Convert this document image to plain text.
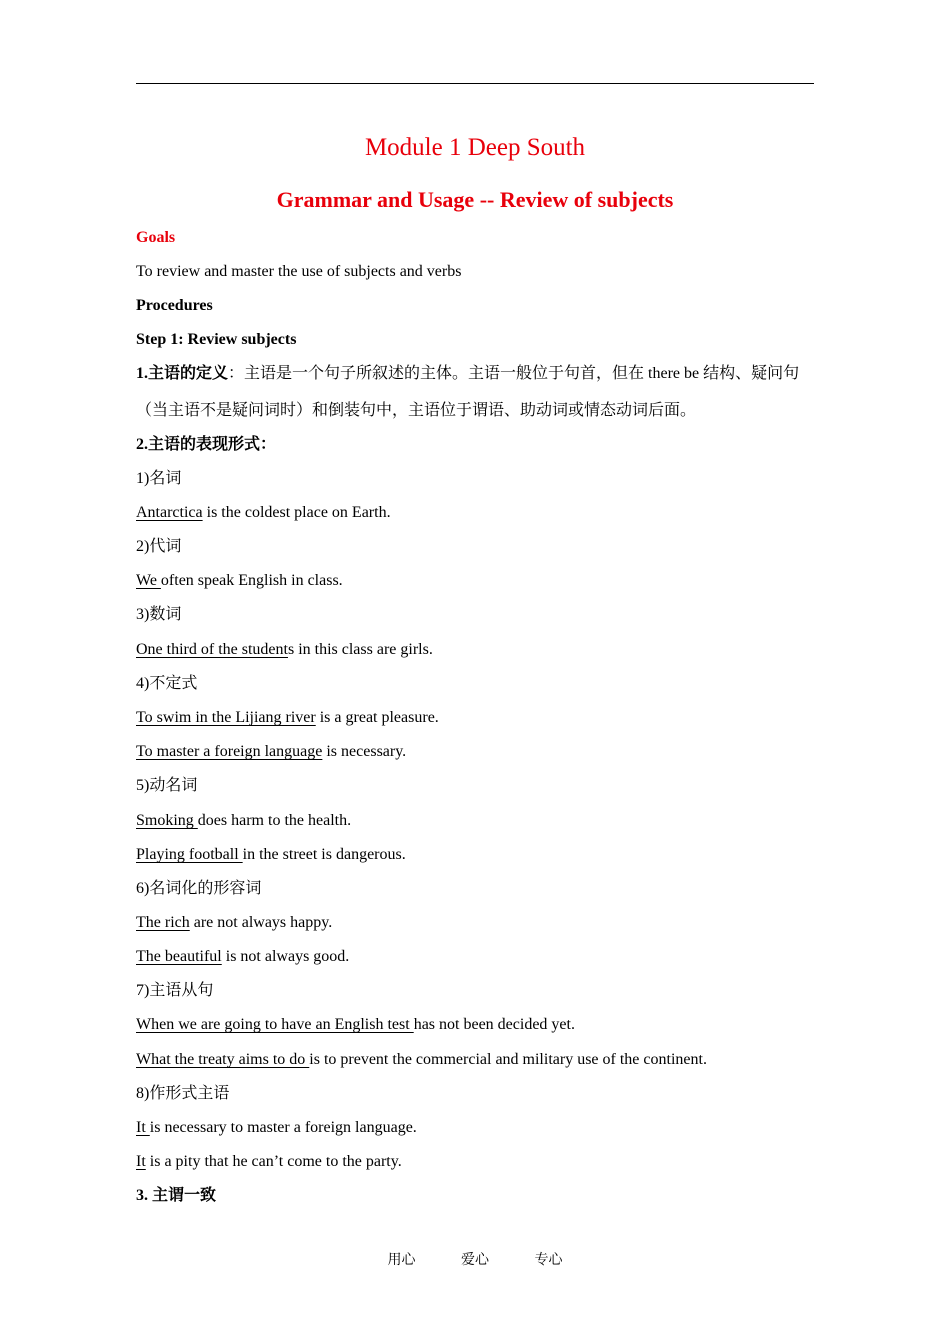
Module 1 Deep South
Grammar and Usage -- Review of subjects
Goals
To review and master the use of subjects and verbs
Procedures
Step 1: Review subjects
1.主语的定义：主语是一个句子所叙述的主体。主语一般位于句首，但在 there be 结构、疑问句
（当主语不是疑问词时）和倒装句中，主语位于谓语、助动词或情态动词后面。
2.主语的表现形式：
1)名词
Antarctica is the coldest place on Earth.
2)代词
We often speak English in class.
3)数词
One third of the students in this class are girls.
4)不定式
To swim in the Lijiang river is a great pleasure.
To master a foreign language is necessary.
5)动名词
Smoking does harm to the health.
Playing football in the street is dangerous.
6)名词化的形容词
The rich are not always happy.
The beautiful is not always good.
7)主语从句
When we are going to have an English test has not been decided yet.
What the treaty aims to do is to prevent the commercial and military use of the continent.
8)作形式主语
It is necessary to master a foreign language.
It is a pity that he can’t come to the party.
3. 主谓一致
用心	爱心	专心
